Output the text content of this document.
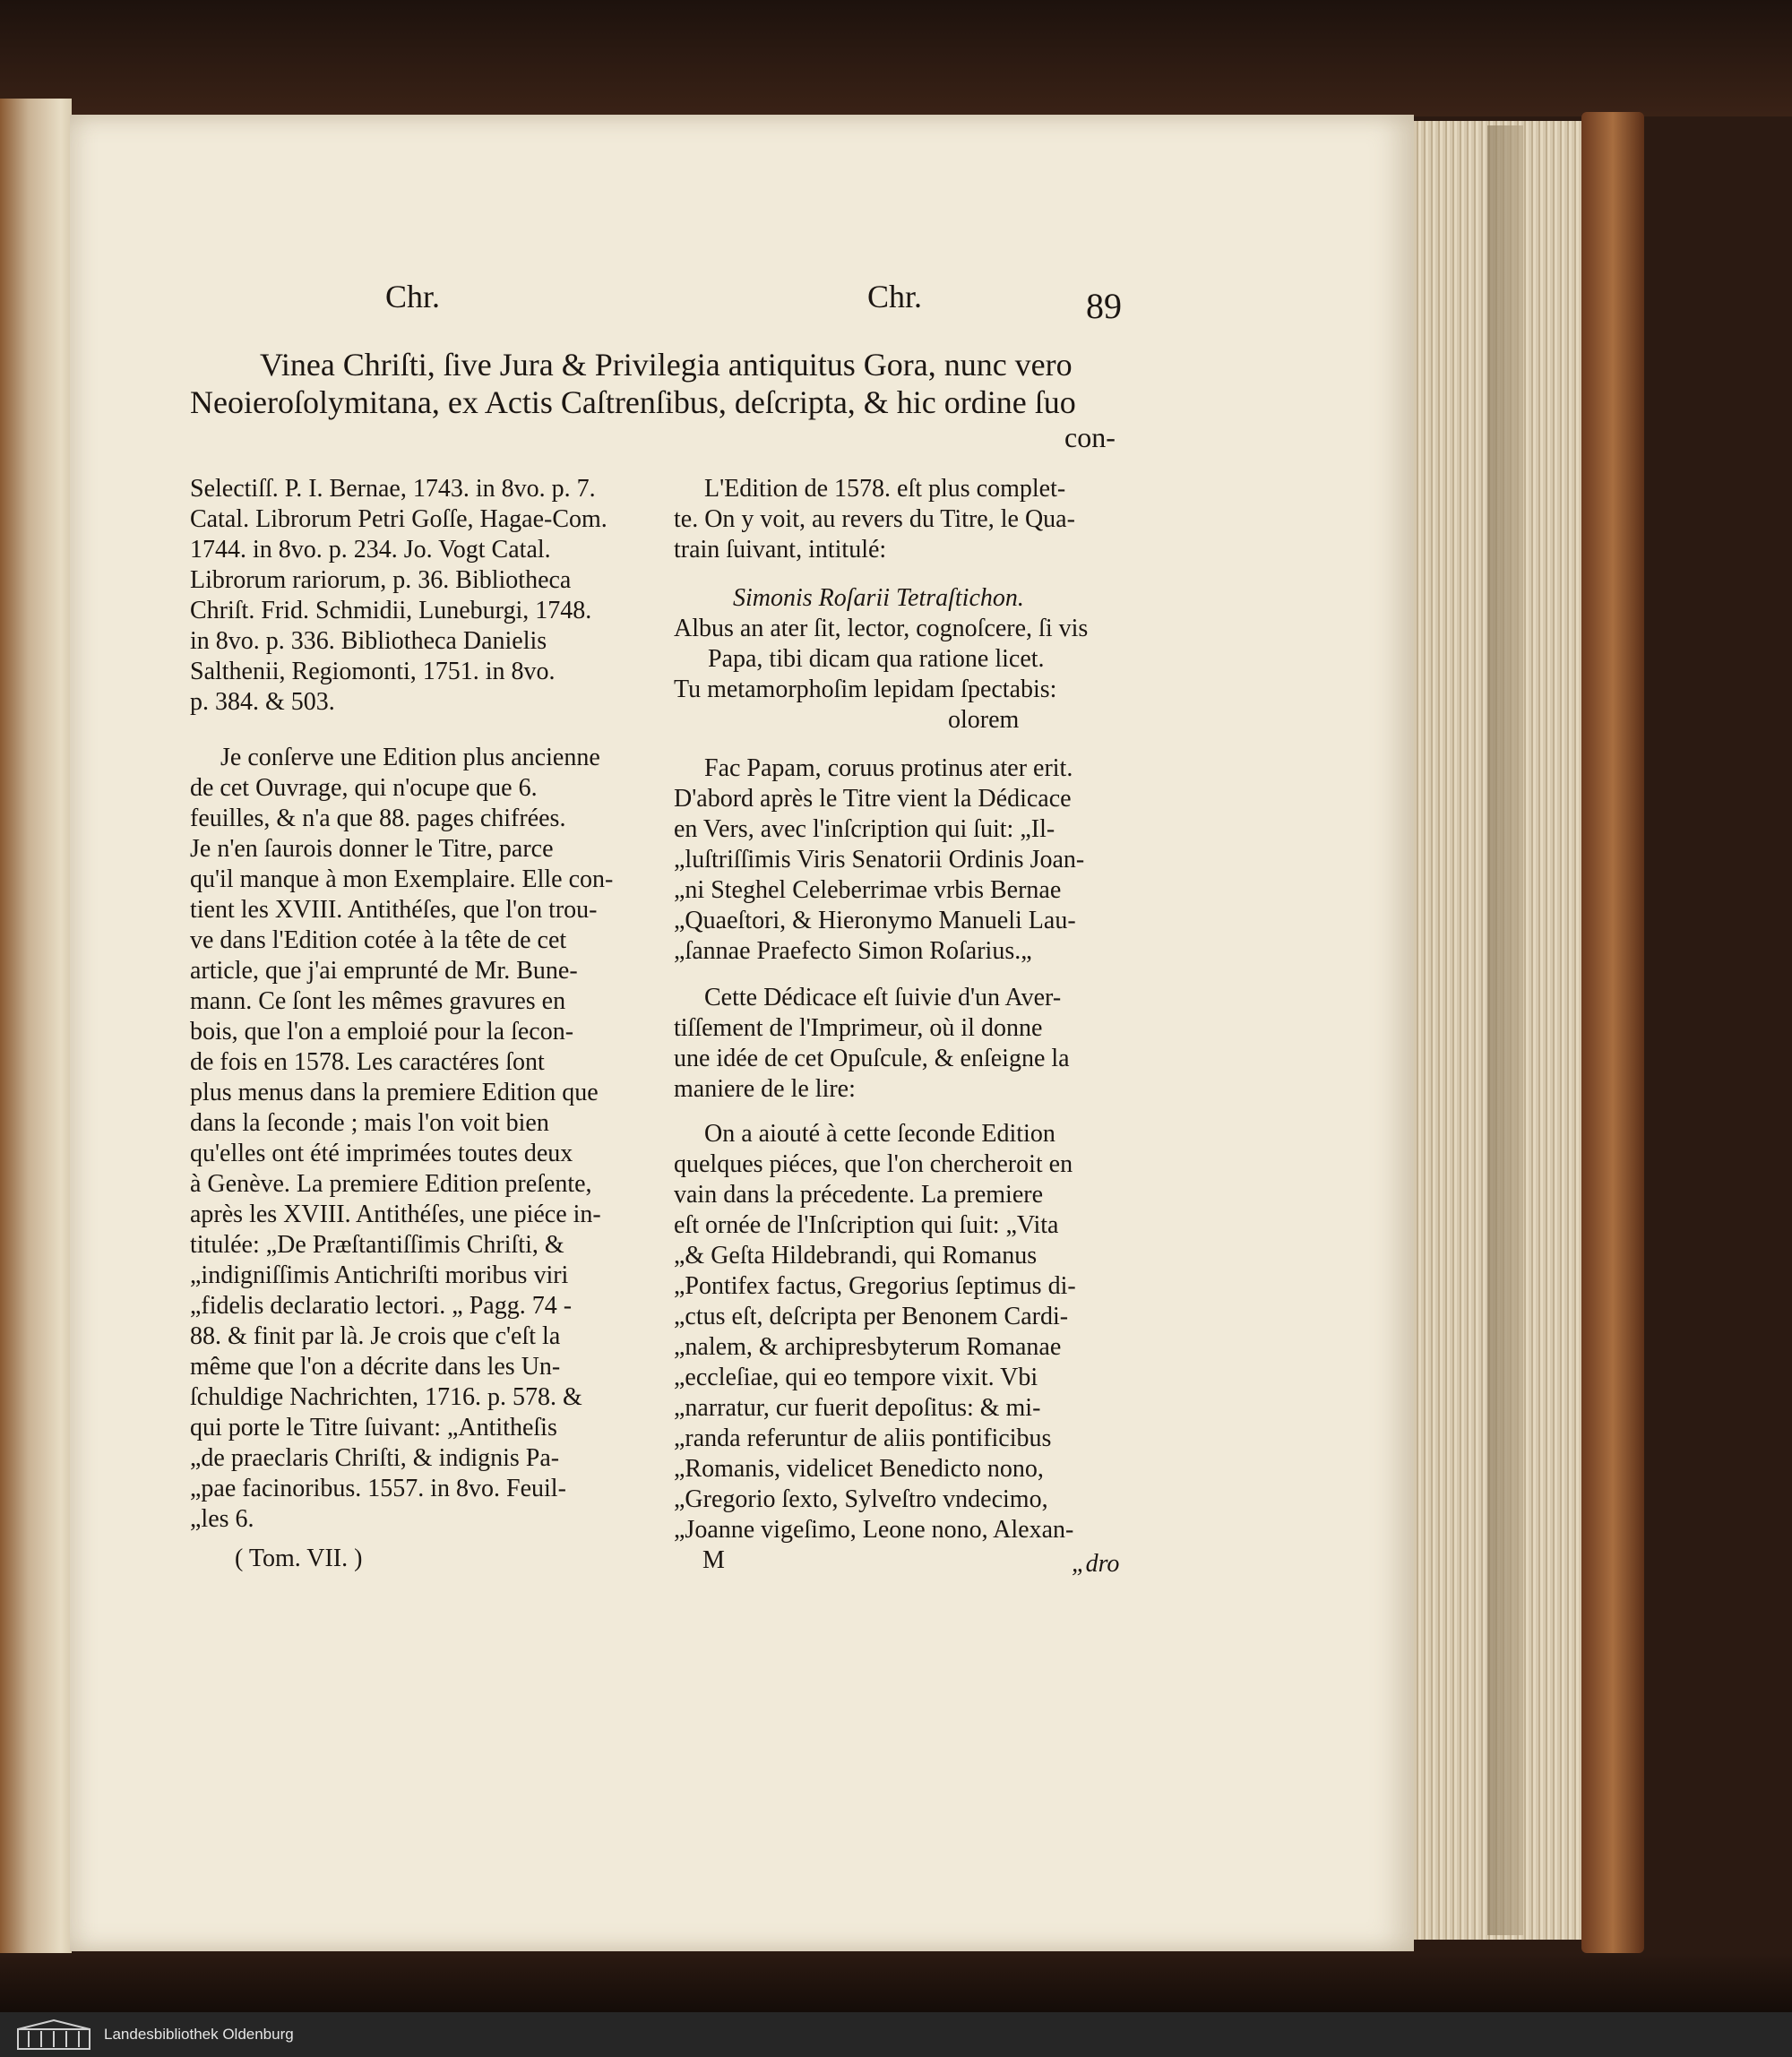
Chr.	Chr.	89
Vinea Chriſti, ſive Jura & Privilegia antiquitus Gora, nunc vero
Neoieroſolymitana, ex Actis Caſtrenſibus, deſcripta, & hic ordine ſuo
con-
Selectiſſ. P. I. Bernae, 1743. in 8vo. p. 7.
Catal. Librorum Petri Goſſe, Hagae-Com.
1744. in 8vo. p. 234. Jo. Vogt Catal.
Librorum rariorum, p. 36. Bibliotheca
Chriſt. Frid. Schmidii, Luneburgi, 1748.
in 8vo. p. 336. Bibliotheca Danielis
Salthenii, Regiomonti, 1751. in 8vo.
p. 384. & 503.
Je conſerve une Edition plus ancienne
de cet Ouvrage, qui n'ocupe que 6.
feuilles, & n'a que 88. pages chifrées.
Je n'en ſaurois donner le Titre, parce
qu'il manque à mon Exemplaire. Elle con-
tient les XVIII. Antithéſes, que l'on trou-
ve dans l'Edition cotée à la tête de cet
article, que j'ai emprunté de Mr. Bune-
mann. Ce ſont les mêmes gravures en
bois, que l'on a emploié pour la ſecon-
de fois en 1578. Les caractéres ſont
plus menus dans la premiere Edition que
dans la ſeconde ; mais l'on voit bien
qu'elles ont été imprimées toutes deux
à Genève. La premiere Edition preſente,
après les XVIII. Antithéſes, une piéce in-
titulée: „De Præſtantiſſimis Chriſti, &
„indigniſſimis Antichriſti moribus viri
„fidelis declaratio lectori. „ Pagg. 74 -
88. & finit par là. Je crois que c'eſt la
même que l'on a décrite dans les Un-
ſchuldige Nachrichten, 1716. p. 578. &
qui porte le Titre ſuivant: „Antitheſis
„de praeclaris Chriſti, & indignis Pa-
„pae facinoribus. 1557. in 8vo. Feuil-
„les 6.
( Tom. VII. )
L'Edition de 1578. eſt plus complet-
te. On y voit, au revers du Titre, le Qua-
train ſuivant, intitulé:
Simonis Roſarii Tetraſtichon.
Albus an ater ſit, lector, cognoſcere, ſi vis
Papa, tibi dicam qua ratione licet.
Tu metamorphoſim lepidam ſpectabis:
olorem
Fac Papam, coruus protinus ater erit.
D'abord après le Titre vient la Dédicace
en Vers, avec l'inſcription qui ſuit: „Il-
„luſtriſſimis Viris Senatorii Ordinis Joan-
„ni Steghel Celeberrimae vrbis Bernae
„Quaeſtori, & Hieronymo Manueli Lau-
„ſannae Praefecto Simon Roſarius.„
Cette Dédicace eſt ſuivie d'un Aver-
tiſſement de l'Imprimeur, où il donne
une idée de cet Opuſcule, & enſeigne la
maniere de le lire:
On a aiouté à cette ſeconde Edition
quelques piéces, que l'on chercheroit en
vain dans la précedente. La premiere
eſt ornée de l'Inſcription qui ſuit: „Vita
„& Geſta Hildebrandi, qui Romanus
„Pontifex factus, Gregorius ſeptimus di-
„ctus eſt, deſcripta per Benonem Cardi-
„nalem, & archipresbyterum Romanae
„eccleſiae, qui eo tempore vixit. Vbi
„narratur, cur fuerit depoſitus: & mi-
„randa referuntur de aliis pontificibus
„Romanis, videlicet Benedicto nono,
„Gregorio ſexto, Sylveſtro vndecimo,
„Joanne vigeſimo, Leone nono, Alexan-
M	„dro
Landesbibliothek Oldenburg
